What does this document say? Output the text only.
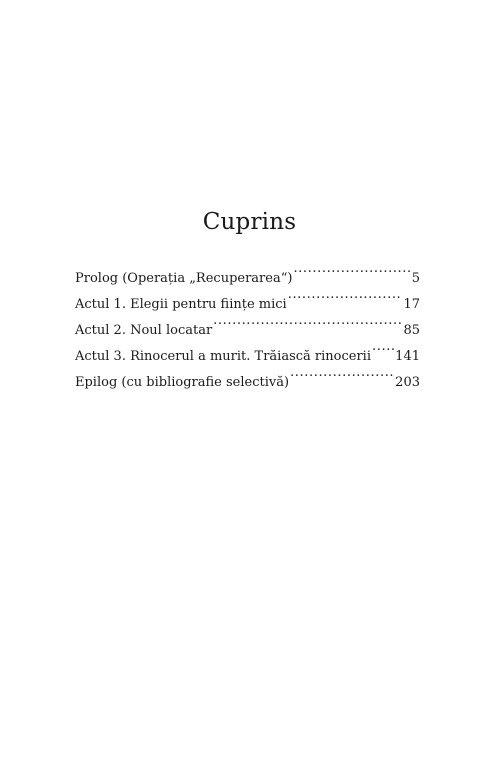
Cuprins
Prolog (Operația „Recuperarea“) .....	5
Actul 1. Elegii pentru ființe mici .....	17
Actul 2. Noul locatar .....	85
Actul 3. Rinocerul a murit. Trăiască rinocerii ..... 141
Epilog (cu bibliografie selectivă) .....	203
